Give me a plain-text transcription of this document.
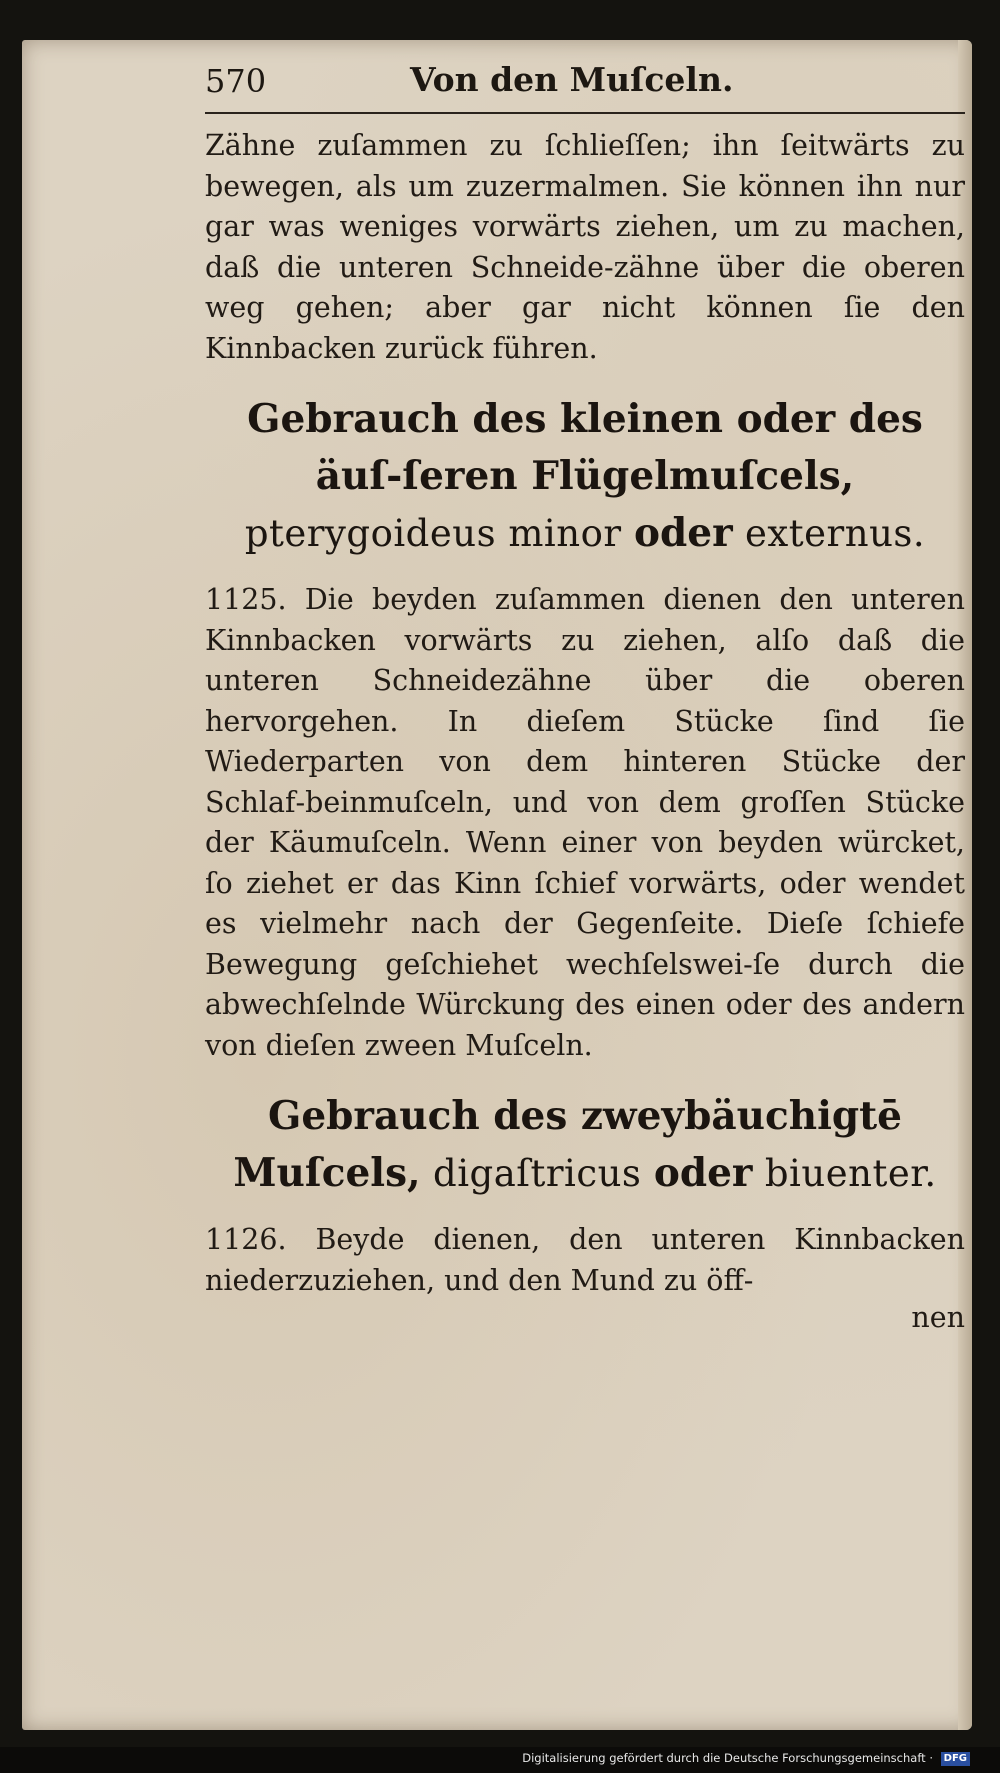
570	Von den Muſceln.

Zähne zuſammen zu ſchlieſſen; ihn ſeitwärts zu bewegen, als um zuzermalmen. Sie können ihn nur gar was weniges vorwärts ziehen, um zu machen, daß die unteren Schneide‑zähne über die oberen weg gehen; aber gar nicht können ſie den Kinnbacken zurück führen.

Gebrauch des kleinen oder des äuſ‑ſeren Flügelmuſcels, pterygoideus minor oder externus.

1125. Die beyden zuſammen dienen den unteren Kinnbacken vorwärts zu ziehen, alſo daß die unteren Schneidezähne über die oberen hervorgehen. In dieſem Stücke ſind ſie Wiederparten von dem hinteren Stücke der Schlaf‑beinmuſceln, und von dem groſſen Stücke der Käumuſceln. Wenn einer von beyden würcket, ſo ziehet er das Kinn ſchief vorwärts, oder wendet es vielmehr nach der Gegenſeite. Dieſe ſchiefe Bewegung geſchiehet wechſelswei‑ſe durch die abwechſelnde Würckung des einen oder des andern von dieſen zween Muſceln.

Gebrauch des zweybäuchigtē Muſcels, digaſtricus oder biuenter.

1126. Beyde dienen, den unteren Kinnbacken niederzuziehen, und den Mund zu öff‑

nen
Digitalisierung gefördert durch die Deutsche Forschungsgemeinschaft · DFG
